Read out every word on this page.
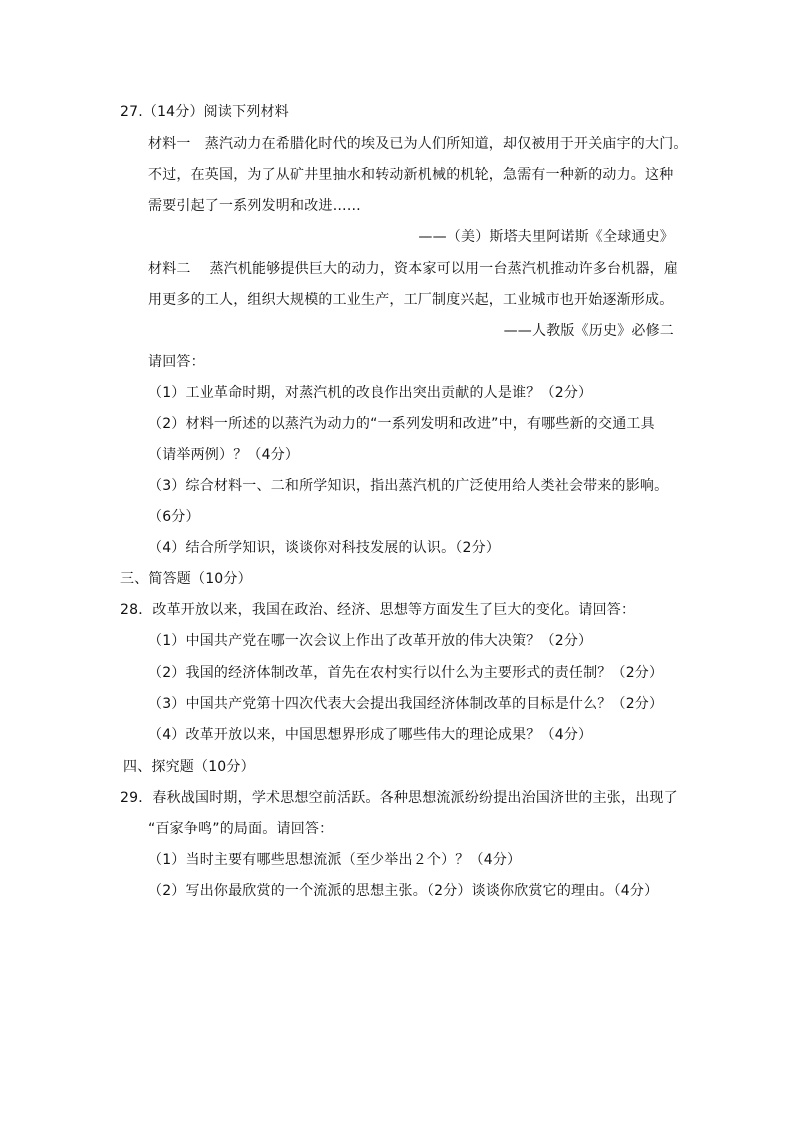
27.（14分）阅读下列材料
材料一　蒸汽动力在希腊化时代的埃及已为人们所知道，却仅被用于开关庙宇的大门。
不过，在英国，为了从矿井里抽水和转动新机械的机轮，急需有一种新的动力。这种
需要引起了一系列发明和改进……
——（美）斯塔夫里阿诺斯《全球通史》
材料二　 蒸汽机能够提供巨大的动力，资本家可以用一台蒸汽机推动许多台机器，雇
用更多的工人，组织大规模的工业生产，工厂制度兴起，工业城市也开始逐渐形成。
——人教版《历史》必修二
请回答：
（1）工业革命时期，对蒸汽机的改良作出突出贡献的人是谁？（2分）
（2）材料一所述的以蒸汽为动力的“一系列发明和改进”中，有哪些新的交通工具
（请举两例）？（4分）
（3）综合材料一、二和所学知识，指出蒸汽机的广泛使用给人类社会带来的影响。
（6分）
（4）结合所学知识，谈谈你对科技发展的认识。（2分）
三、简答题（10分）
28．改革开放以来，我国在政治、经济、思想等方面发生了巨大的变化。请回答：
（1）中国共产党在哪一次会议上作出了改革开放的伟大决策？（2分）
（2）我国的经济体制改革，首先在农村实行以什么为主要形式的责任制？（2分）
（3）中国共产党第十四次代表大会提出我国经济体制改革的目标是什么？（2分）
（4）改革开放以来，中国思想界形成了哪些伟大的理论成果？（4分）
四、探究题（10分）
29．春秋战国时期，学术思想空前活跃。各种思想流派纷纷提出治国济世的主张，出现了
“百家争鸣”的局面。请回答：
（1）当时主要有哪些思想流派（至少举出２个）？（4分）
（2）写出你最欣赏的一个流派的思想主张。（2分）谈谈你欣赏它的理由。（4分）
